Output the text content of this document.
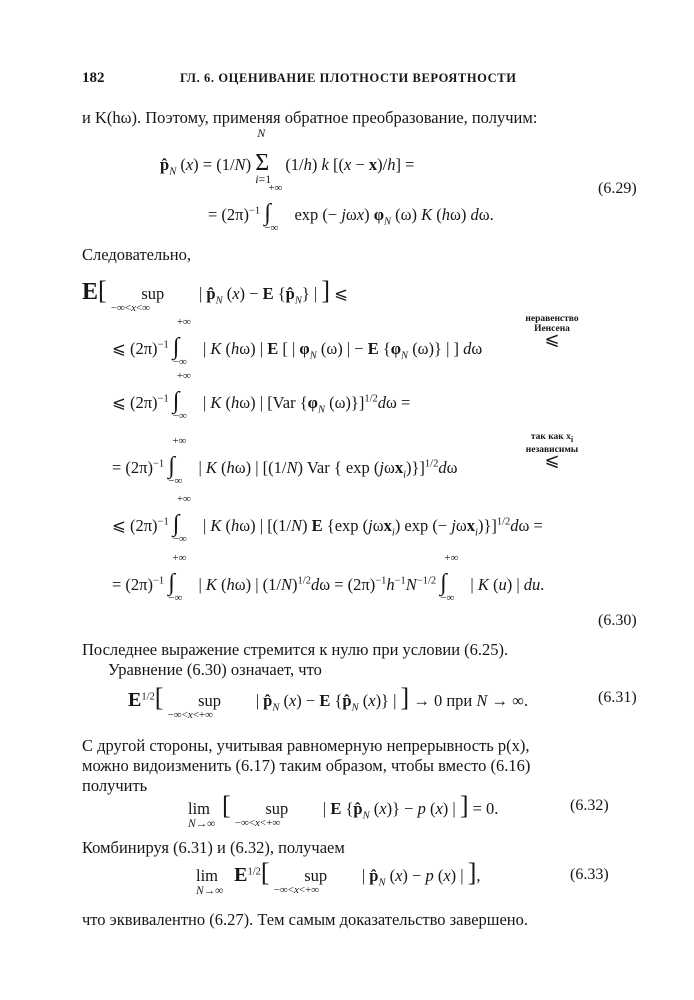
182	ГЛ. 6. ОЦЕНИВАНИЕ ПЛОТНОСТИ ВЕРОЯТНОСТИ
и K(hω). Поэтому, применяя обратное преобразование, получим:
$p̂_N$ (x) = (1/N)
N
Σ
i=1
(1/h) k [(x − x)/h] =
= $(2\pi)^{-1}$
+∞
∫
−∞
exp (− jωx) $\varphi_N$ (ω) K (hω) dω.
(6.29)
Следовательно,
E[ sup
−∞<x<∞
| $p̂_N$ (x) − E $\{p̂_N\}$ | ] ⩽
неравенство
Иенсена
⩽
⩽ $(2\pi)^{-1}$
+∞
∫
−∞
| K (hω) | E [ | $\varphi_N$ (ω) | − E {$\varphi_N$ (ω)} | ] dω
⩽ $(2\pi)^{-1}$
+∞
∫
−∞
| K (hω) | [Var {$\varphi_N$ (ω)}]$^{1/2}$dω =
так как $x_i$
независимы
⩽
= $(2\pi)^{-1}$
+∞
∫
−∞
| K (hω) | [(1/N) Var { exp (jωx$_i$)}]$^{1/2}$dω
⩽ $(2\pi)^{-1}$
+∞
∫
−∞
| K (hω) | [(1/N) E {exp (jωx$_i$) exp (− jωx$_i$)}]$^{1/2}$dω =
= $(2\pi)^{-1}$
+∞
∫
−∞
| K (hω) | $(1/N)^{1/2}d\omega = (2\pi)^{-1}h^{-1}N^{-1/2}$
+∞
∫
−∞
| K (u) | du.
(6.30)
Последнее выражение стремится к нулю при условии (6.25).
Уравнение (6.30) означает, что
$E^{1/2}$[ sup
−∞<x<+∞
| $p̂_N$ (x) − E {$p̂_N$ (x)} | ] → 0 при N → ∞.	(6.31)
С другой стороны, учитывая равномерную непрерывность p(x),
можно видоизменить (6.17) таким образом, чтобы вместо (6.16)
получить
lim
N→∞
[ sup
−∞<x<+∞
| E {$p̂_N$ (x)} − p (x) | ] = 0.	(6.32)
Комбинируя (6.31) и (6.32), получаем
lim
N→∞
$E^{1/2}$[ sup
−∞<x<+∞
| $p̂_N$ (x) − p (x) | ],	(6.33)
что эквивалентно (6.27). Тем самым доказательство завершено.
